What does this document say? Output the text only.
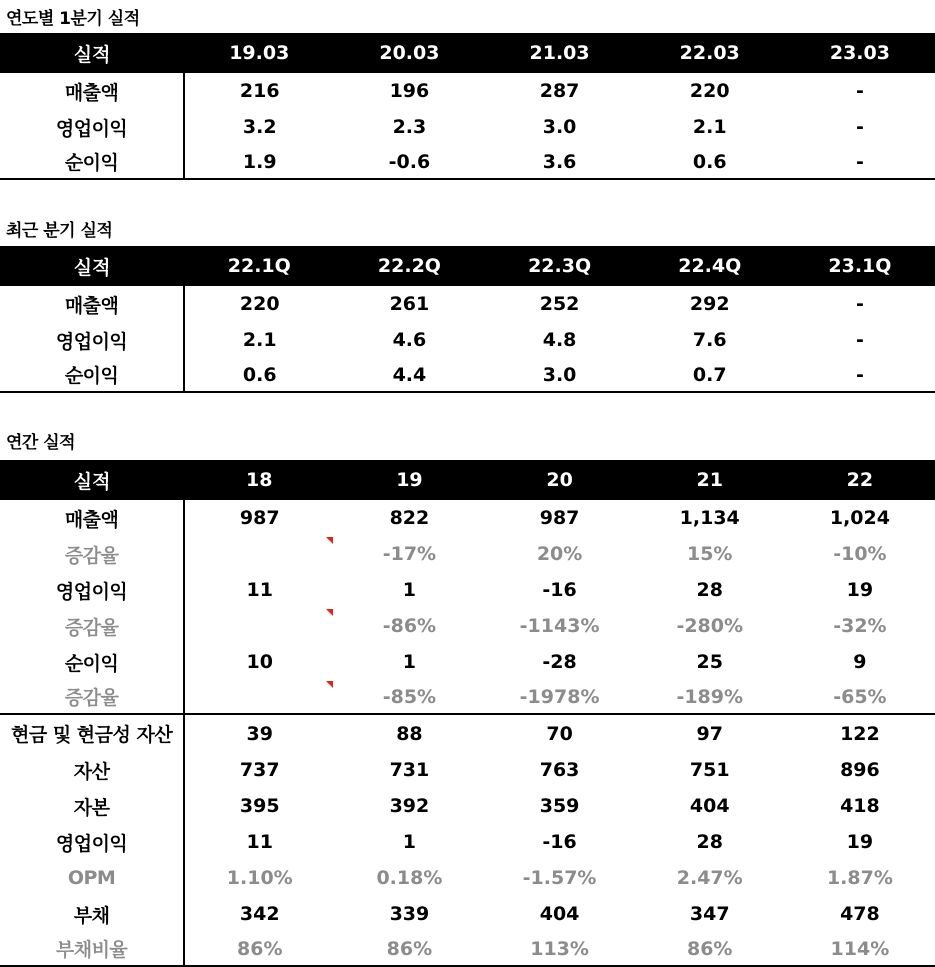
연도별 1분기 실적
실적	19.03	20.03	21.03	22.03	23.03
매출액	216	196	287	220	-
영업이익	3.2	2.3	3.0	2.1	-
순이익	1.9	-0.6	3.6	0.6	-
최근 분기 실적
실적	22.1Q	22.2Q	22.3Q	22.4Q	23.1Q
매출액	220	261	252	292	-
영업이익	2.1	4.6	4.8	7.6	-
순이익	0.6	4.4	3.0	0.7	-
연간 실적
실적	18	19	20	21	22
매출액	987	822	987	1,134	1,024
증감율		-17%	20%	15%	-10%
영업이익	11	1	-16	28	19
증감율		-86%	-1143%	-280%	-32%
순이익	10	1	-28	25	9
증감율		-85%	-1978%	-189%	-65%
현금 및 현금성 자산	39	88	70	97	122
자산	737	731	763	751	896
자본	395	392	359	404	418
영업이익	11	1	-16	28	19
OPM	1.10%	0.18%	-1.57%	2.47%	1.87%
부채	342	339	404	347	478
부채비율	86%	86%	113%	86%	114%
